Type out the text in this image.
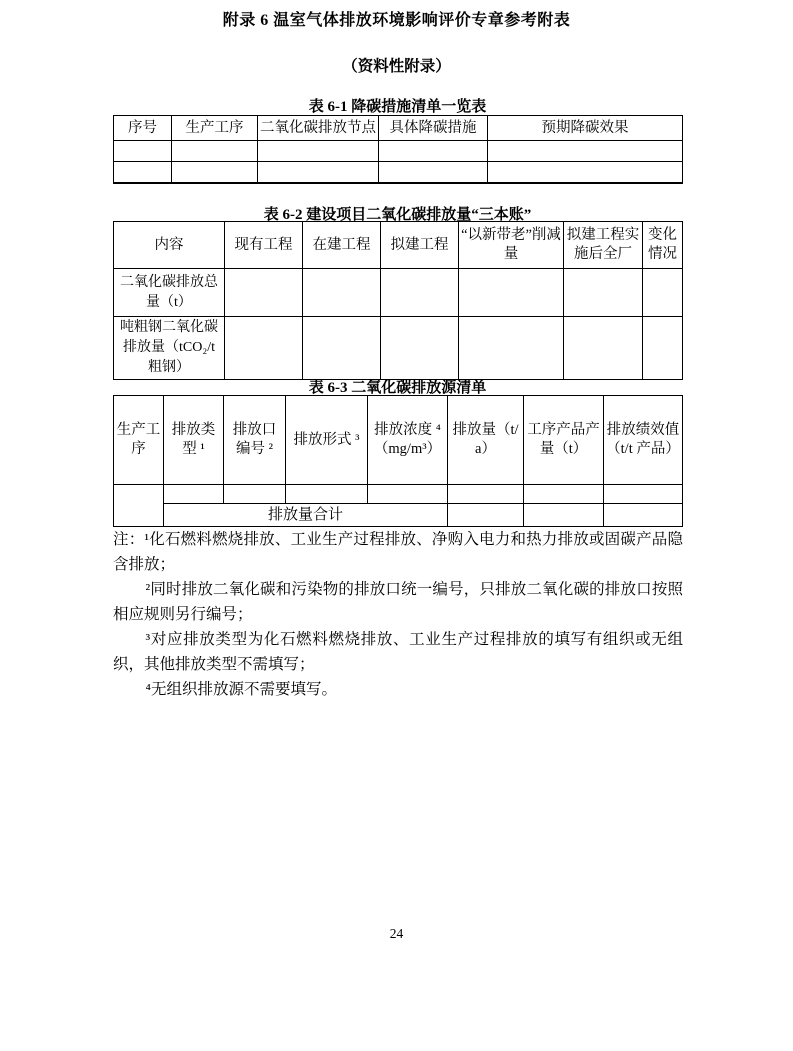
附录 6 温室气体排放环境影响评价专章参考附表
（资料性附录）
表 6-1 降碳措施清单一览表
序号	生产工序	二氧化碳排放节点	具体降碳措施	预期降碳效果

表 6-2 建设项目二氧化碳排放量“三本账”
内容	现有工程	在建工程	拟建工程	“以新带老”削减量	拟建工程实施后全厂	变化情况
二氧化碳排放总量（t）						
吨粗钢二氧化碳排放量（tCO₂/t 粗钢）						
表 6-3 二氧化碳排放源清单
生产工序	排放类型 ¹	排放口编号 ²	排放形式 ³	排放浓度 ⁴（mg/m³）	排放量（t/a）	工序产品产量（t）	排放绩效值（t/t 产品）

	排放量合计						

注：¹化石燃料燃烧排放、工业生产过程排放、净购入电力和热力排放或固碳产品隐含排放；

²同时排放二氧化碳和污染物的排放口统一编号，只排放二氧化碳的排放口按照相应规则另行编号；

³对应排放类型为化石燃料燃烧排放、工业生产过程排放的填写有组织或无组织，其他排放类型不需填写；

⁴无组织排放源不需要填写。

24
